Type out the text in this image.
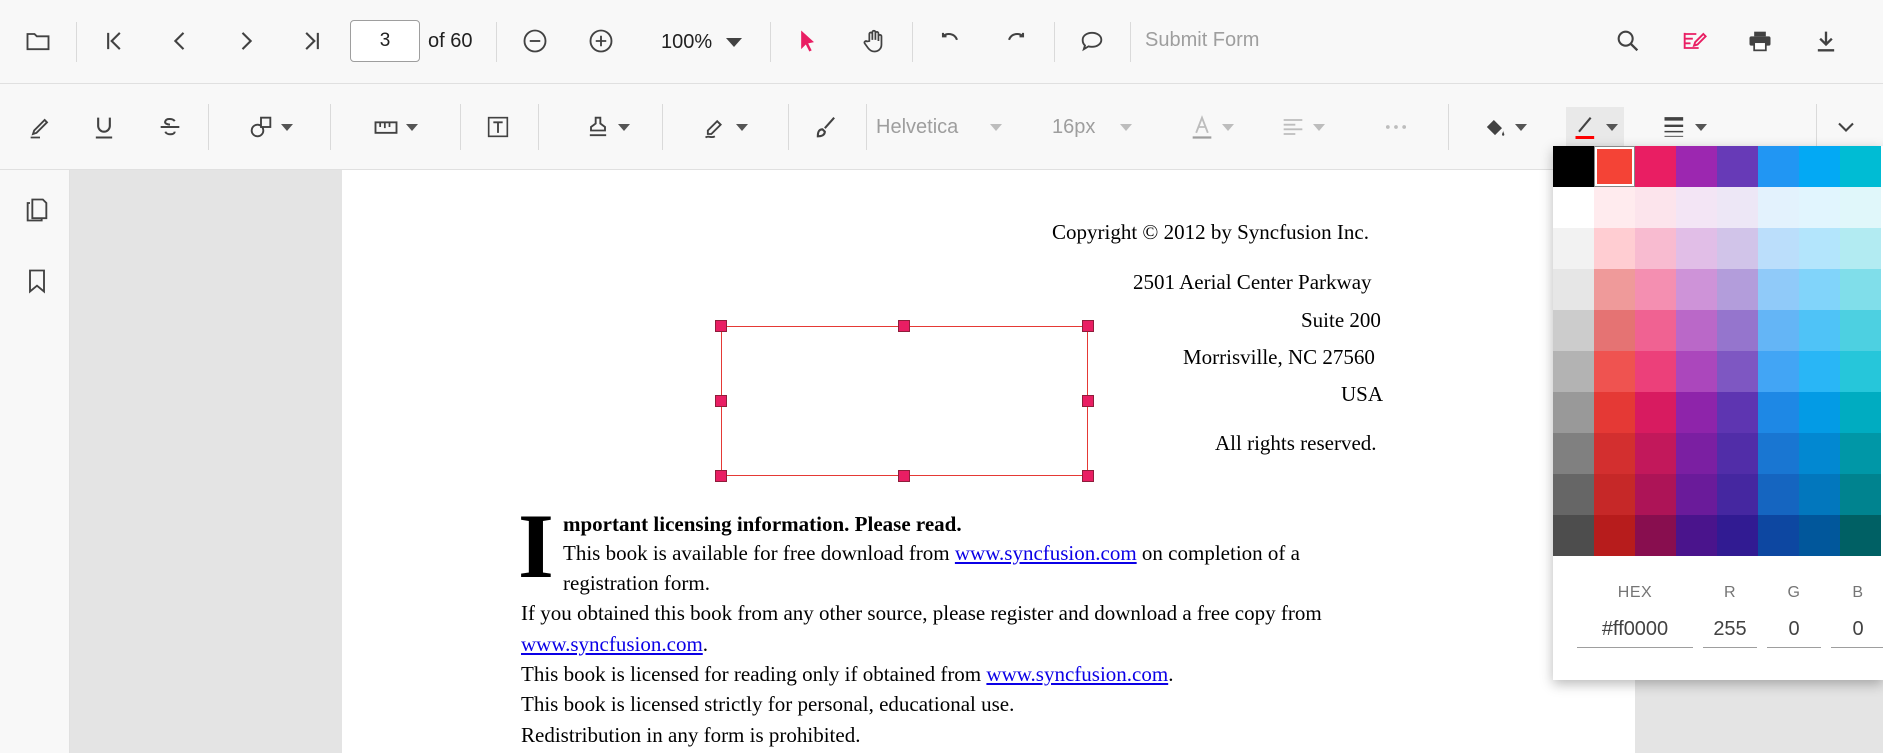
3
of 60	100%	Submit Form
Helvetica	16px
Copyright © 2012 by Syncfusion Inc.
2501 Aerial Center Parkway
Suite 200
Morrisville, NC 27560
USA
All rights reserved.
I mportant licensing information. Please read.
This book is available for free download from www.syncfusion.com on completion of a
registration form.
If you obtained this book from any other source, please register and download a free copy from
www.syncfusion.com.
This book is licensed for reading only if obtained from www.syncfusion.com.
This book is licensed strictly for personal, educational use.
Redistribution in any form is prohibited.
HEX
#ff0000
R
255
G
0
B
0
